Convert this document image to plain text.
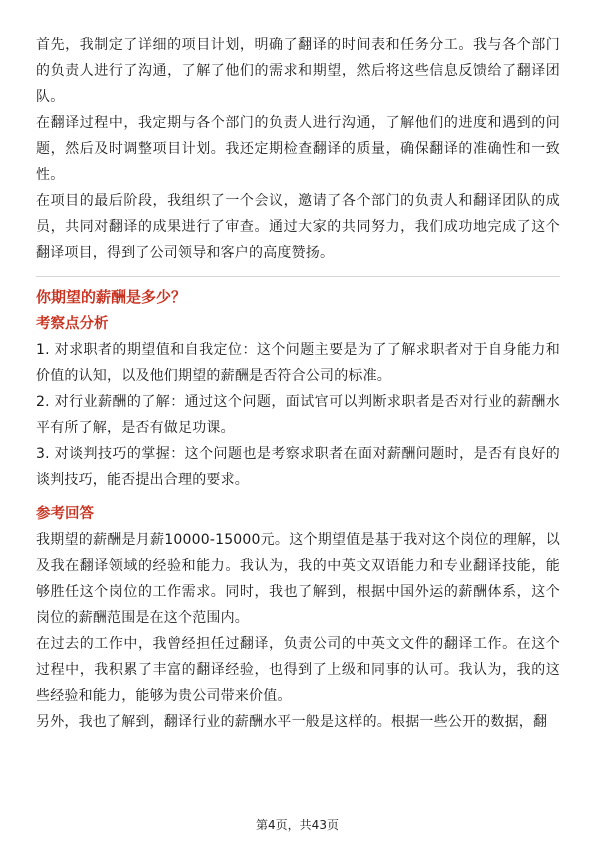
首先，我制定了详细的项目计划，明确了翻译的时间表和任务分工。我与各个部门的负责人进行了沟通，了解了他们的需求和期望，然后将这些信息反馈给了翻译团队。

在翻译过程中，我定期与各个部门的负责人进行沟通，了解他们的进度和遇到的问题，然后及时调整项目计划。我还定期检查翻译的质量，确保翻译的准确性和一致性。

在项目的最后阶段，我组织了一个会议，邀请了各个部门的负责人和翻译团队的成员，共同对翻译的成果进行了审查。通过大家的共同努力，我们成功地完成了这个翻译项目，得到了公司领导和客户的高度赞扬。

你期望的薪酬是多少？
考察点分析

1. 对求职者的期望值和自我定位：这个问题主要是为了了解求职者对于自身能力和价值的认知，以及他们期望的薪酬是否符合公司的标准。

2. 对行业薪酬的了解：通过这个问题，面试官可以判断求职者是否对行业的薪酬水平有所了解，是否有做足功课。

3. 对谈判技巧的掌握：这个问题也是考察求职者在面对薪酬问题时，是否有良好的谈判技巧，能否提出合理的要求。

参考回答

我期望的薪酬是月薪10000-15000元。这个期望值是基于我对这个岗位的理解，以及我在翻译领域的经验和能力。我认为，我的中英文双语能力和专业翻译技能，能够胜任这个岗位的工作需求。同时，我也了解到，根据中国外运的薪酬体系，这个岗位的薪酬范围是在这个范围内。

在过去的工作中，我曾经担任过翻译，负责公司的中英文文件的翻译工作。在这个过程中，我积累了丰富的翻译经验，也得到了上级和同事的认可。我认为，我的这些经验和能力，能够为贵公司带来价值。

另外，我也了解到，翻译行业的薪酬水平一般是这样的。根据一些公开的数据，翻

第4页，共43页
